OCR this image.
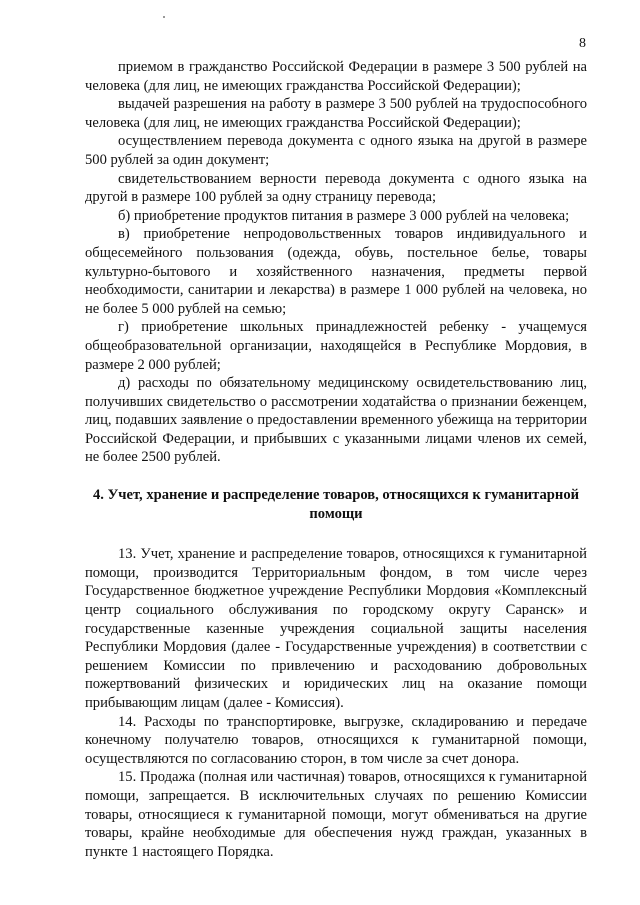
8

приемом в гражданство Российской Федерации в размере 3 500 рублей на человека (для лиц, не имеющих гражданства Российской Федерации);

выдачей разрешения на работу в размере 3 500 рублей на трудоспособного человека (для лиц, не имеющих гражданства Российской Федерации);

осуществлением перевода документа с одного языка на другой в размере 500 рублей за один документ;

свидетельствованием верности перевода документа с одного языка на другой в размере 100 рублей за одну страницу перевода;

б) приобретение продуктов питания в размере 3 000 рублей на человека;

в) приобретение непродовольственных товаров индивидуального и общесемейного пользования (одежда, обувь, постельное белье, товары культурно-бытового и хозяйственного назначения, предметы первой необходимости, санитарии и лекарства) в размере 1 000 рублей на человека, но не более 5 000 рублей на семью;

г) приобретение школьных принадлежностей ребенку - учащемуся общеобразовательной организации, находящейся в Республике Мордовия, в размере 2 000 рублей;

д) расходы по обязательному медицинскому освидетельствованию лиц, получивших свидетельство о рассмотрении ходатайства о признании беженцем, лиц, подавших заявление о предоставлении временного убежища на территории Российской Федерации, и прибывших с указанными лицами членов их семей, не более 2500 рублей.

4. Учет, хранение и распределение товаров, относящихся к гуманитарной помощи

13. Учет, хранение и распределение товаров, относящихся к гуманитарной помощи, производится Территориальным фондом, в том числе через Государственное бюджетное учреждение Республики Мордовия «Комплексный центр социального обслуживания по городскому округу Саранск» и государственные казенные учреждения социальной защиты населения Республики Мордовия (далее - Государственные учреждения) в соответствии с решением Комиссии по привлечению и расходованию добровольных пожертвований физических и юридических лиц на оказание помощи прибывающим лицам (далее - Комиссия).

14. Расходы по транспортировке, выгрузке, складированию и передаче конечному получателю товаров, относящихся к гуманитарной помощи, осуществляются по согласованию сторон, в том числе за счет донора.

15. Продажа (полная или частичная) товаров, относящихся к гуманитарной помощи, запрещается. В исключительных случаях по решению Комиссии товары, относящиеся к гуманитарной помощи, могут обмениваться на другие товары, крайне необходимые для обеспечения нужд граждан, указанных в пункте 1 настоящего Порядка.
